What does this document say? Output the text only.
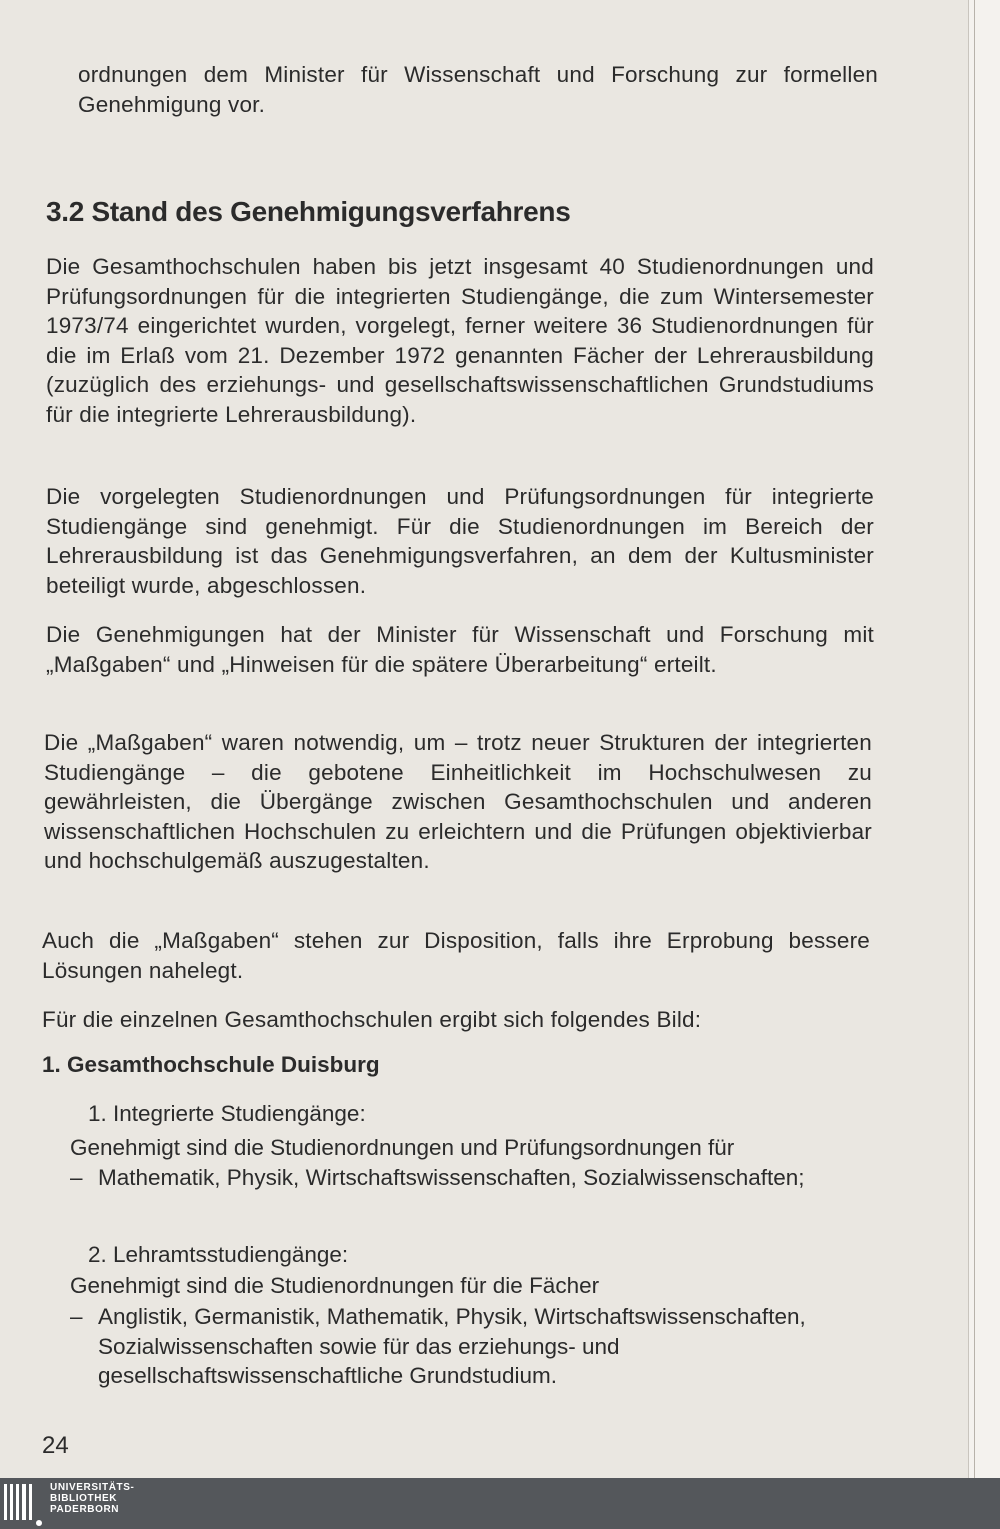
ordnungen dem Minister für Wissenschaft und Forschung zur formellen Genehmigung vor.

3.2 Stand des Genehmigungsverfahrens

Die Gesamthochschulen haben bis jetzt insgesamt 40 Studienordnungen und Prüfungsordnungen für die integrierten Studiengänge, die zum Wintersemester 1973/74 eingerichtet wurden, vorgelegt, ferner weitere 36 Studienordnungen für die im Erlaß vom 21. Dezember 1972 genannten Fächer der Lehrerausbildung (zuzüglich des erziehungs- und gesellschaftswissenschaftlichen Grundstudiums für die integrierte Lehrerausbildung).

Die vorgelegten Studienordnungen und Prüfungsordnungen für integrierte Studiengänge sind genehmigt. Für die Studienordnungen im Bereich der Lehrerausbildung ist das Genehmigungsverfahren, an dem der Kultusminister beteiligt wurde, abgeschlossen.

Die Genehmigungen hat der Minister für Wissenschaft und Forschung mit „Maßgaben“ und „Hinweisen für die spätere Überarbeitung“ erteilt.

Die „Maßgaben“ waren notwendig, um – trotz neuer Strukturen der integrierten Studiengänge – die gebotene Einheitlichkeit im Hochschulwesen zu gewährleisten, die Übergänge zwischen Gesamthochschulen und anderen wissenschaftlichen Hochschulen zu erleichtern und die Prüfungen objektivierbar und hochschulgemäß auszugestalten.

Auch die „Maßgaben“ stehen zur Disposition, falls ihre Erprobung bessere Lösungen nahelegt.

Für die einzelnen Gesamthochschulen ergibt sich folgendes Bild:

1. Gesamthochschule Duisburg

1. Integrierte Studiengänge:

Genehmigt sind die Studienordnungen und Prüfungsordnungen für

– Mathematik, Physik, Wirtschaftswissenschaften, Sozialwissenschaften;

2. Lehramtsstudiengänge:

Genehmigt sind die Studienordnungen für die Fächer

– Anglistik, Germanistik, Mathematik, Physik, Wirtschaftswissenschaften, Sozialwissenschaften sowie für das erziehungs- und gesellschaftswissenschaftliche Grundstudium.
24
UNIVERSITÄTS-
BIBLIOTHEK
PADERBORN
